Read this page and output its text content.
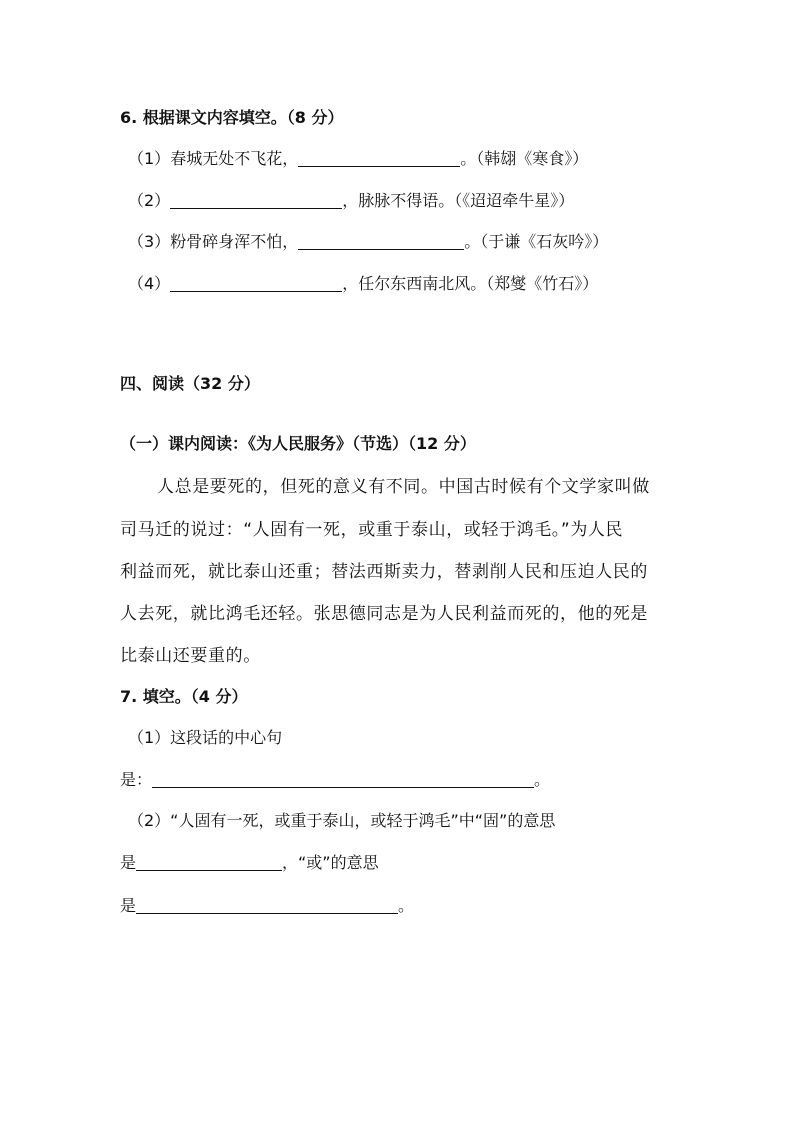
6. 根据课文内容填空。（8 分）
（1）春城无处不飞花，	。（韩翃《寒食》）
（2）	，脉脉不得语。（《迢迢牵牛星》）
（3）粉骨碎身浑不怕，	。（于谦《石灰吟》）
（4）	，任尔东西南北风。（郑燮《竹石》）
四、阅读（32 分）
（一）课内阅读：《为人民服务》（节选）（12 分）
人总是要死的，但死的意义有不同。中国古时候有个文学家叫做
司马迁的说过：“人固有一死，或重于泰山，或轻于鸿毛。”为人民
利益而死，就比泰山还重；替法西斯卖力，替剥削人民和压迫人民的
人去死，就比鸿毛还轻。张思德同志是为人民利益而死的，他的死是
比泰山还要重的。
7. 填空。（4 分）
（1）这段话的中心句
是：	。
（2）“人固有一死，或重于泰山，或轻于鸿毛”中“固”的意思
是	，“或”的意思
是	。
